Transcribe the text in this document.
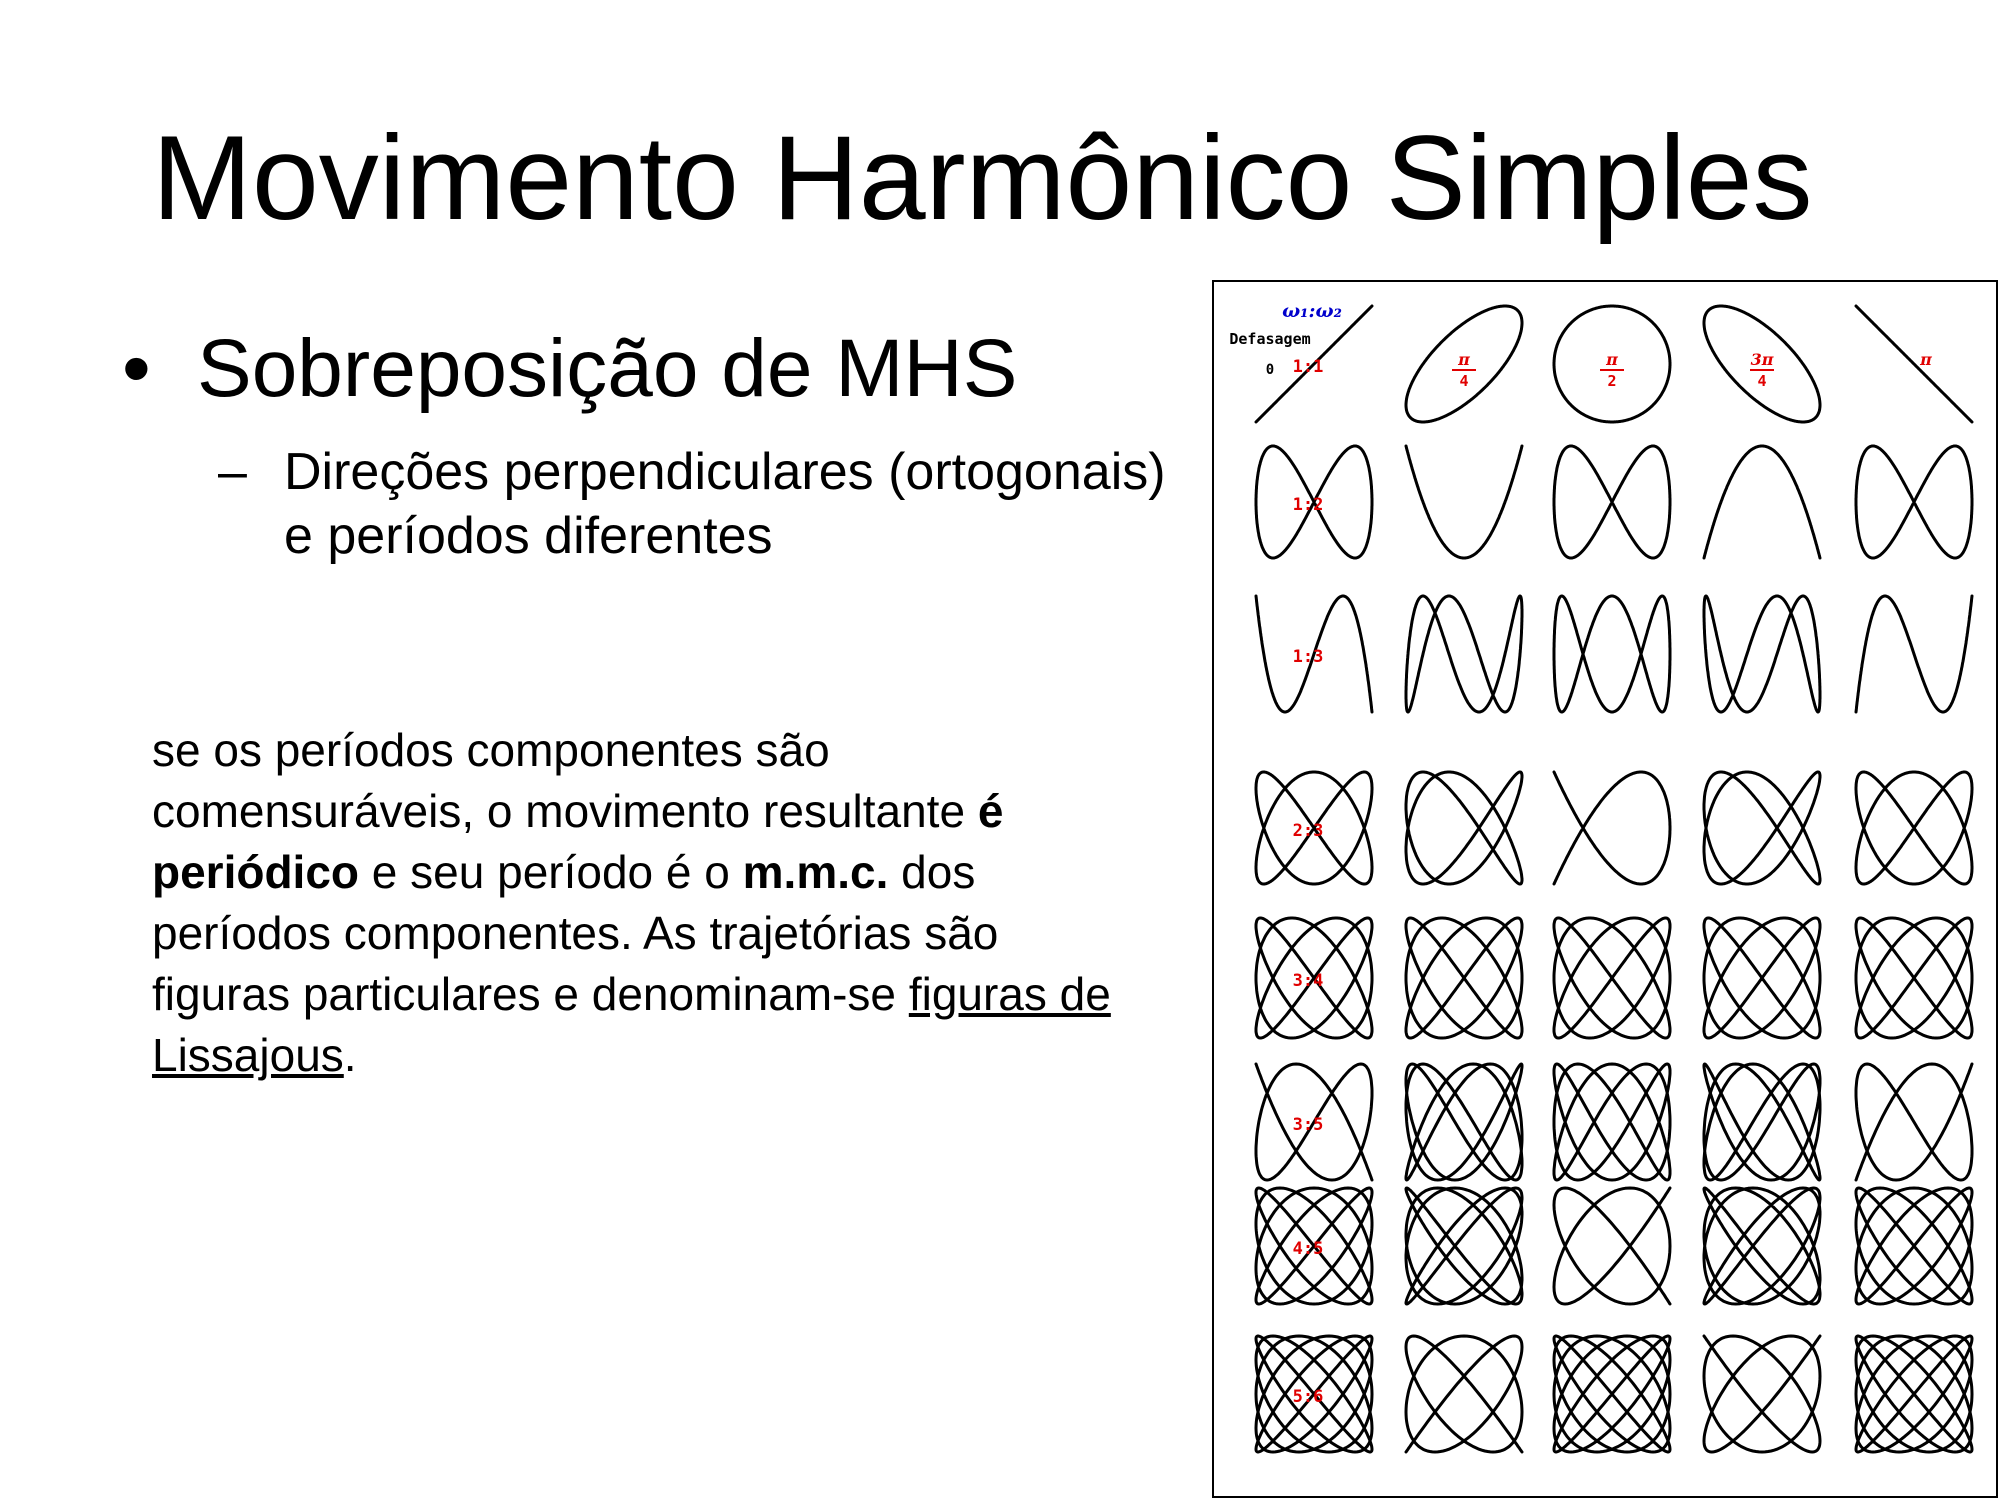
Movimento Harmônico Simples
• Sobreposição de MHS
– Direções perpendiculares (ortogonais) e períodos diferentes
se os períodos componentes são comensuráveis, o movimento resultante é periódico e seu período é o m.m.c. dos períodos componentes. As trajetórias são figuras particulares e denominam-se figuras de Lissajous.
1:1
1:2
1:3
2:3
3:4
3:5
4:5
5:6
ω₁:ω₂
Defasagem
0
π
4
π
2
3π
4
π
